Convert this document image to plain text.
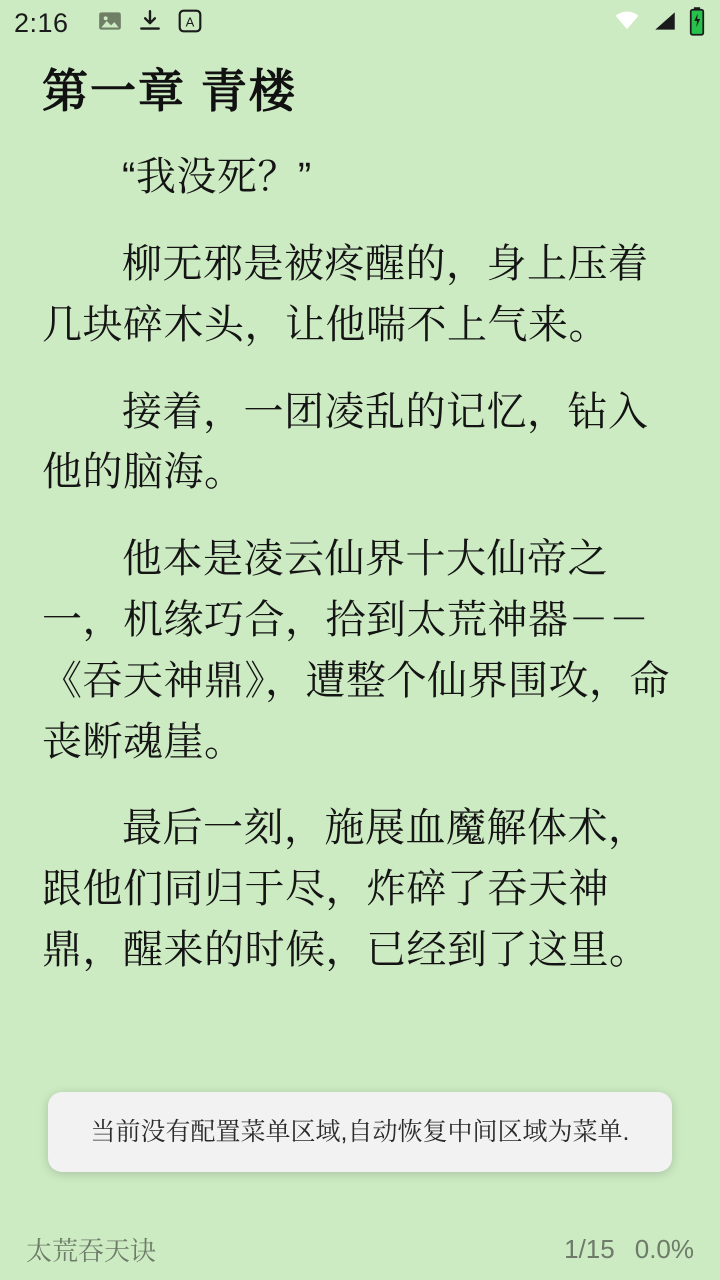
2:16	A
第一章 青楼

“我没死？”

柳无邪是被疼醒的，身上压着几块碎木头，让他喘不上气来。

接着，一团凌乱的记忆，钻入他的脑海。

他本是凌云仙界十大仙帝之一，机缘巧合，拾到太荒神器－－《吞天神鼎》，遭整个仙界围攻，命丧断魂崖。

最后一刻，施展血魔解体术，跟他们同归于尽，炸碎了吞天神鼎，醒来的时候，已经到了这里。

当前没有配置菜单区域,自动恢复中间区域为菜单.
太荒吞天诀	1/15 0.0%
